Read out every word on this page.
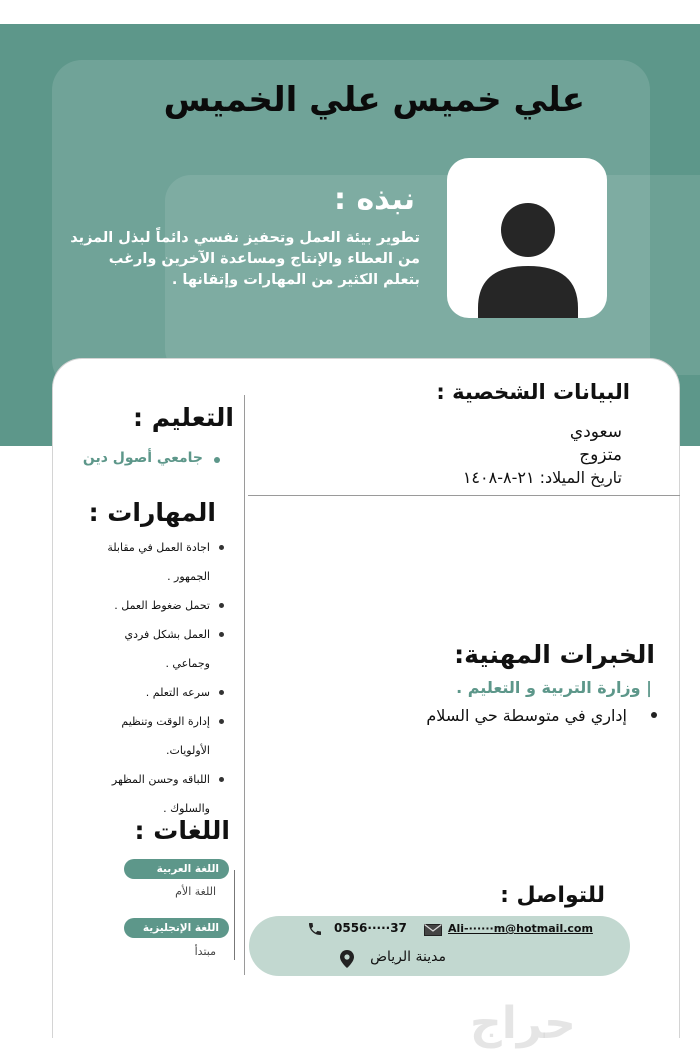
علي خميس علي الخميس
نبذه :
تطوير بيئة العمل وتحفيز نفسي دائماً لبذل المزيد من العطاء والإنتاج ومساعدة الآخرين وارغب بتعلم الكثير من المهارات وإتقانها .
البيانات الشخصية :
سعودي
متزوج
تاريخ الميلاد: ٢١-٨-١٤٠٨
التعليم :
جامعي أصول دين
المهارات :
اجادة العمل في مقابلة
الجمهور .
تحمل ضغوط العمل .
العمل بشكل فردي
وجماعي .
سرعه التعلم .
إدارة الوقت وتنظيم
الأولويات.
اللباقه وحسن المظهر
والسلوك .
اللغات :
اللغة العربية
اللغة الأم
اللغة الإنجليزية
مبتدأ
الخبرات المهنية:
| وزارة التربية و التعليم .
إداري في متوسطة حي السلام
للتواصل :
0556·····37	Ali-······m@hotmail.com
مدينة الرياض
حراج
